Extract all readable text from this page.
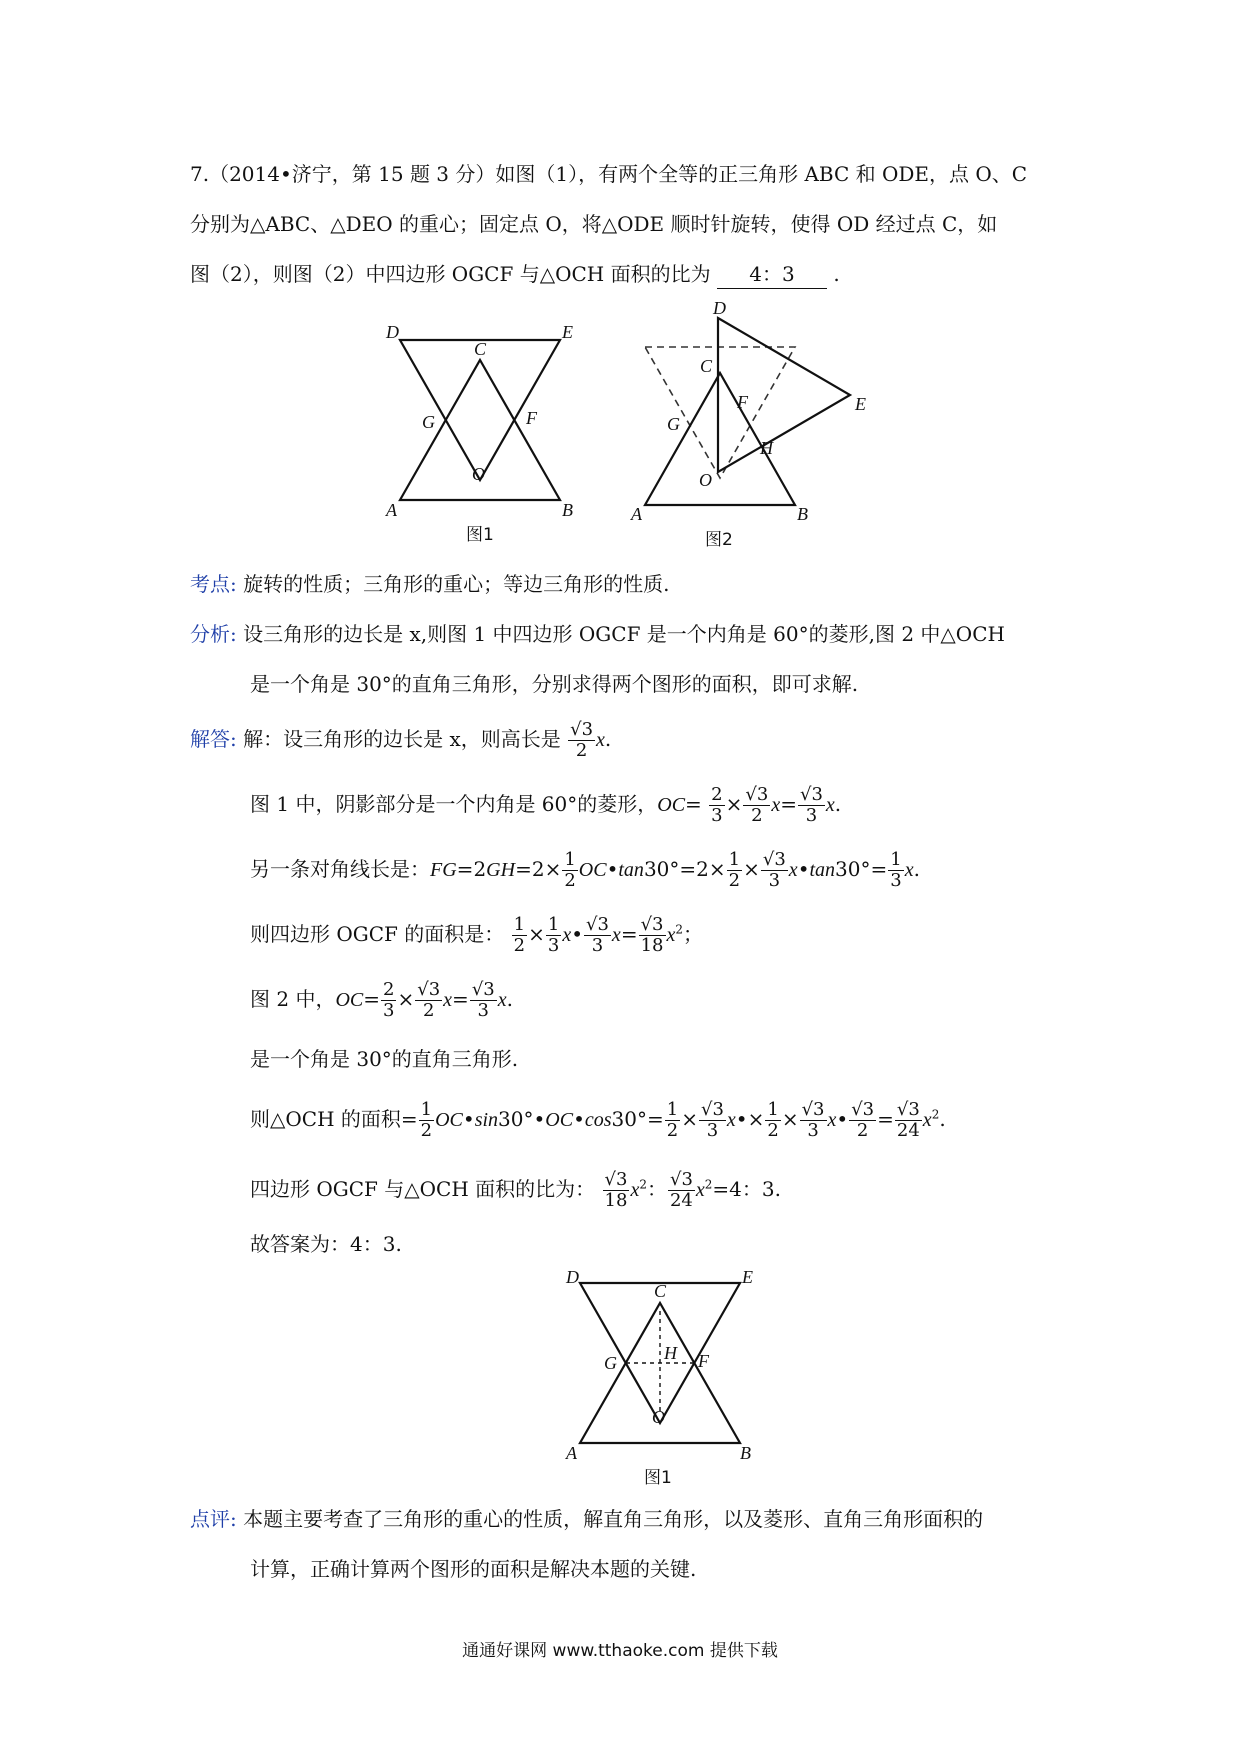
7.（2014•济宁，第 15 题 3 分）如图（1），有两个全等的正三角形 ABC 和 ODE，点 O、C
分别为△ABC、△DEO 的重心；固定点 O，将△ODE 顺时针旋转，使得 OD 经过点 C，如
图（2），则图（2）中四边形 OGCF 与△OCH 面积的比为 4：3 .
D	E
C
G	F
O
A	B
图1
D
C
E
F
G
H
O
A	B
图2
考点: 旋转的性质；三角形的重心；等边三角形的性质.
分析: 设三角形的边长是 x,则图 1 中四边形 OGCF 是一个内角是 60°的菱形,图 2 中△OCH
是一个角是 30°的直角三角形，分别求得两个图形的面积，即可求解.
解答: 解：设三角形的边长是 x，则高长是 $\frac{√3}{2} x$.
图 1 中，阴影部分是一个内角是 60°的菱形，$OC= \frac{2}{3} \times \frac{√3}{2} x= \frac{√3}{3} x$.
另一条对角线长是：$FG=2GH=2\times \frac{1}{2}$ OC•tan30°=2× $\frac{1}{2} \times \frac{√3}{3}$ x•tan30°= $\frac{1}{3} x$.
则四边形 OGCF 的面积是： $\frac{1}{2} \times \frac{1}{3}$ x• $\frac{√3}{3} x= \frac{√3}{18} x^2$；
图 2 中，$OC= \frac{2}{3} \times \frac{√3}{2} x= \frac{√3}{3} x$.
是一个角是 30°的直角三角形.
则△OCH 的面积= $\frac{1}{2}$ OC•sin30°•OC•cos30°= $\frac{1}{2} \times \frac{√3}{3}$ x•× $\frac{1}{2} \times \frac{√3}{3}$ x• $\frac{√3}{2} = \frac{√3}{24} x^2$.
四边形 OGCF 与△OCH 面积的比为： $\frac{√3}{18} x^2$： $\frac{√3}{24} x^2=4$：3.
故答案为：4：3.
D	E
C
G	H F
O
A	B
图1
点评: 本题主要考查了三角形的重心的性质，解直角三角形，以及菱形、直角三角形面积的
计算，正确计算两个图形的面积是解决本题的关键.
通通好课网 www.tthaoke.com 提供下载
